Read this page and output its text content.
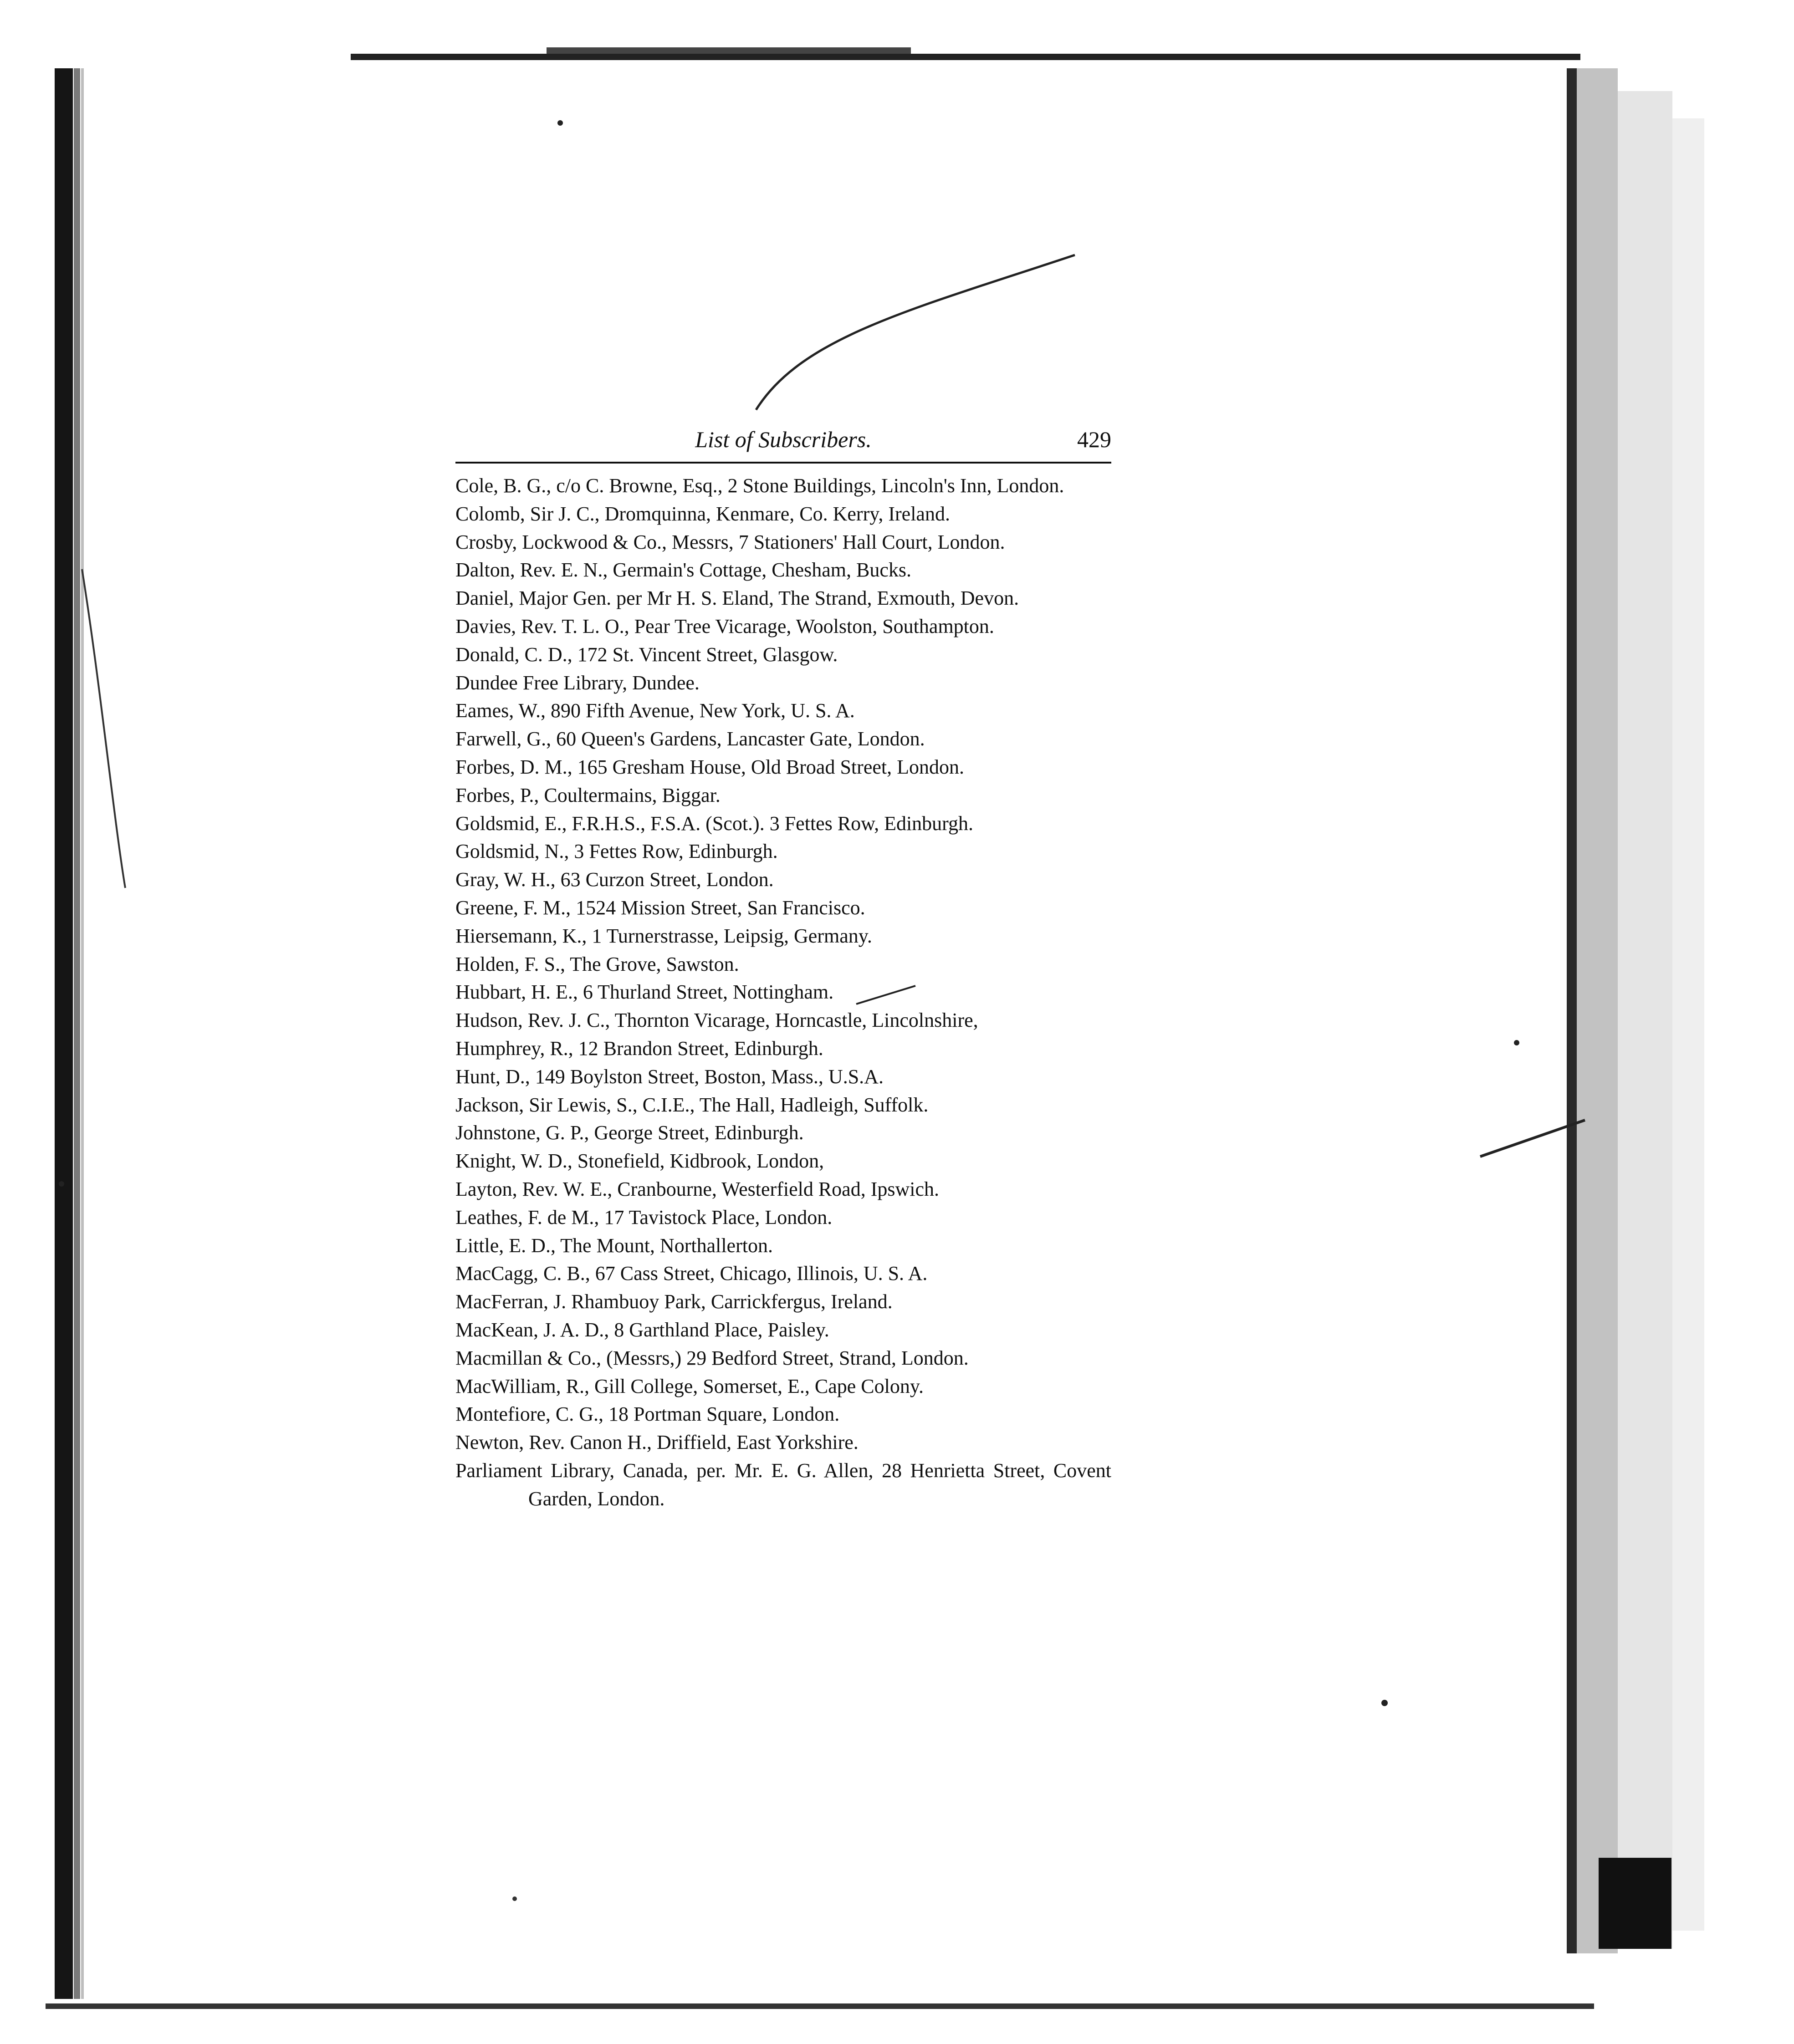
List of Subscribers.	429
Cole, B. G., c/o C. Browne, Esq., 2 Stone Buildings, Lincoln's Inn, London.
Colomb, Sir J. C., Dromquinna, Kenmare, Co. Kerry, Ireland.
Crosby, Lockwood & Co., Messrs, 7 Stationers' Hall Court, London.
Dalton, Rev. E. N., Germain's Cottage, Chesham, Bucks.
Daniel, Major Gen. per Mr H. S. Eland, The Strand, Exmouth, Devon.
Davies, Rev. T. L. O., Pear Tree Vicarage, Woolston, Southampton.
Donald, C. D., 172 St. Vincent Street, Glasgow.
Dundee Free Library, Dundee.
Eames, W., 890 Fifth Avenue, New York, U. S. A.
Farwell, G., 60 Queen's Gardens, Lancaster Gate, London.
Forbes, D. M., 165 Gresham House, Old Broad Street, London.
Forbes, P., Coultermains, Biggar.
Goldsmid, E., F.R.H.S., F.S.A. (Scot.). 3 Fettes Row, Edinburgh.
Goldsmid, N., 3 Fettes Row, Edinburgh.
Gray, W. H., 63 Curzon Street, London.
Greene, F. M., 1524 Mission Street, San Francisco.
Hiersemann, K., 1 Turnerstrasse, Leipsig, Germany.
Holden, F. S., The Grove, Sawston.
Hubbart, H. E., 6 Thurland Street, Nottingham.
Hudson, Rev. J. C., Thornton Vicarage, Horncastle, Lincolnshire,
Humphrey, R., 12 Brandon Street, Edinburgh.
Hunt, D., 149 Boylston Street, Boston, Mass., U.S.A.
Jackson, Sir Lewis, S., C.I.E., The Hall, Hadleigh, Suffolk.
Johnstone, G. P., George Street, Edinburgh.
Knight, W. D., Stonefield, Kidbrook, London,
Layton, Rev. W. E., Cranbourne, Westerfield Road, Ipswich.
Leathes, F. de M., 17 Tavistock Place, London.
Little, E. D., The Mount, Northallerton.
MacCagg, C. B., 67 Cass Street, Chicago, Illinois, U. S. A.
MacFerran, J. Rhambuoy Park, Carrickfergus, Ireland.
MacKean, J. A. D., 8 Garthland Place, Paisley.
Macmillan & Co., (Messrs,) 29 Bedford Street, Strand, London.
MacWilliam, R., Gill College, Somerset, E., Cape Colony.
Montefiore, C. G., 18 Portman Square, London.
Newton, Rev. Canon H., Driffield, East Yorkshire.
Parliament Library, Canada, per. Mr. E. G. Allen, 28 Henrietta Street, Covent Garden, London.
